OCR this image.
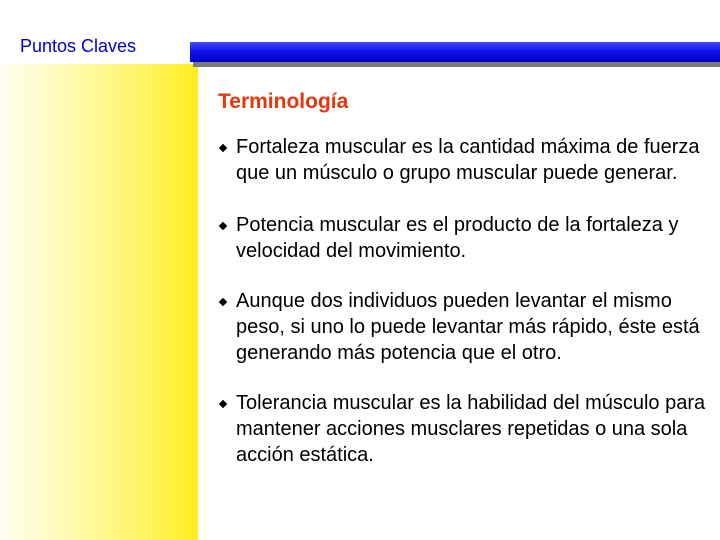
Puntos Claves
Terminología
Fortaleza muscular es la cantidad máxima de fuerza que un músculo o grupo muscular puede generar.
Potencia muscular es el producto de la fortaleza y velocidad del movimiento.
Aunque dos individuos pueden levantar el mismo peso, si uno lo puede levantar más rápido, éste está generando más potencia que el otro.
Tolerancia muscular es la habilidad del músculo para mantener acciones musclares repetidas o una sola acción estática.
